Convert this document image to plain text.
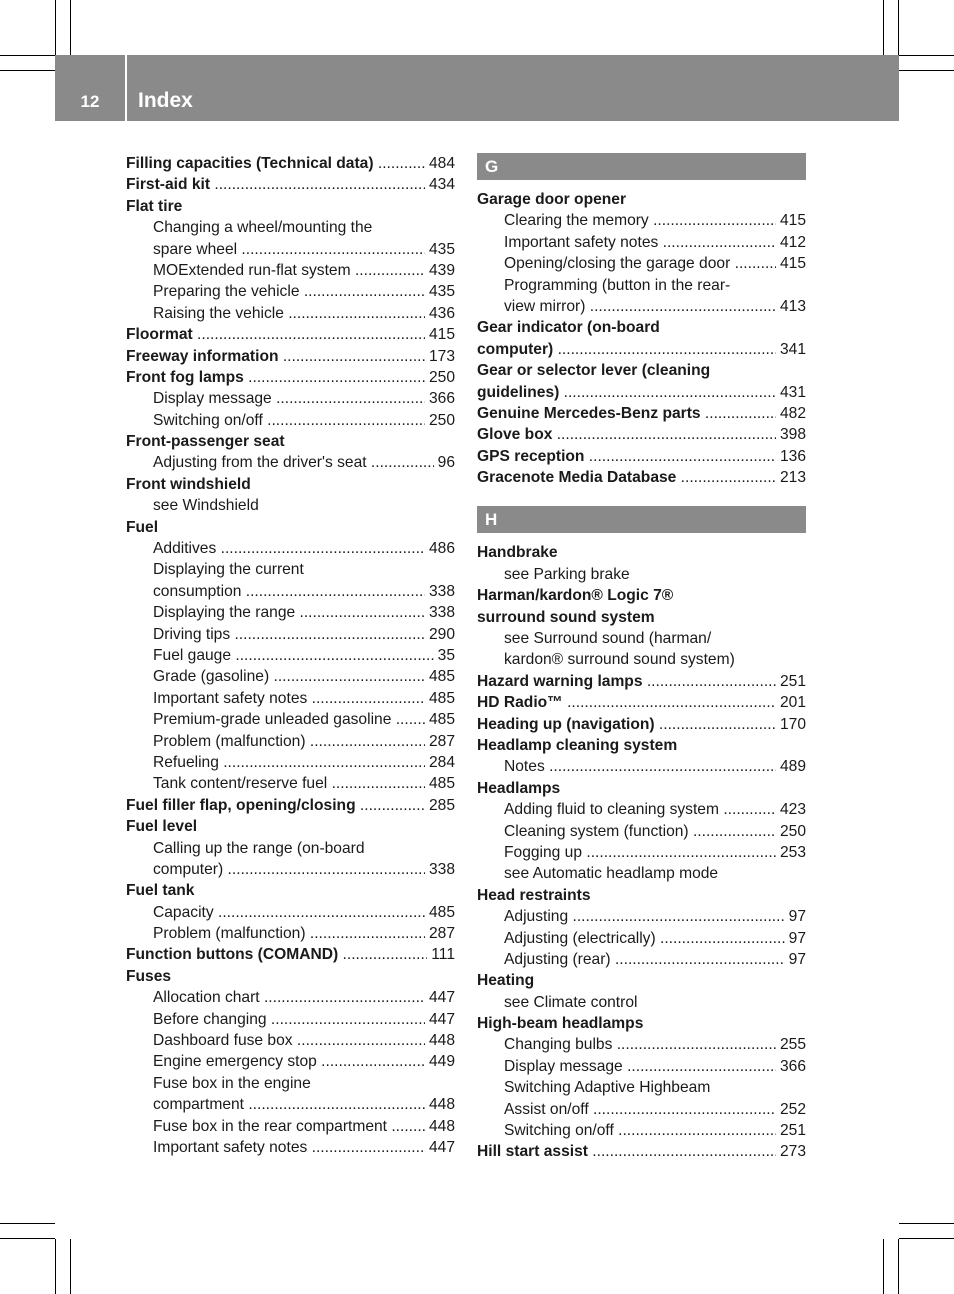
12	Index
Filling capacities (Technical data) .....	484
First-aid kit .....	434
Flat tire
Changing a wheel/mounting the
spare wheel .....	435
MOExtended run-flat system .....	439
Preparing the vehicle .....	435
Raising the vehicle .....	436
Floormat .....	415
Freeway information .....	173
Front fog lamps .....	250
Display message .....	366
Switching on/off .....	250
Front-passenger seat
Adjusting from the driver's seat .....	96
Front windshield
see Windshield
Fuel
Additives .....	486
Displaying the current
consumption .....	338
Displaying the range .....	338
Driving tips .....	290
Fuel gauge .....	35
Grade (gasoline) .....	485
Important safety notes .....	485
Premium-grade unleaded gasoline .....	485
Problem (malfunction) .....	287
Refueling .....	284
Tank content/reserve fuel .....	485
Fuel filler flap, opening/closing .....	285
Fuel level
Calling up the range (on-board
computer) .....	338
Fuel tank
Capacity .....	485
Problem (malfunction) .....	287
Function buttons (COMAND) .....	111
Fuses
Allocation chart .....	447
Before changing .....	447
Dashboard fuse box .....	448
Engine emergency stop .....	449
Fuse box in the engine
compartment .....	448
Fuse box in the rear compartment .....	448
Important safety notes .....	447
G
Garage door opener
Clearing the memory .....	415
Important safety notes .....	412
Opening/closing the garage door .....	415
Programming (button in the rear-
view mirror) .....	413
Gear indicator (on-board
computer) .....	341
Gear or selector lever (cleaning
guidelines) .....	431
Genuine Mercedes-Benz parts .....	482
Glove box .....	398
GPS reception .....	136
Gracenote Media Database .....	213
H
Handbrake
see Parking brake
Harman/kardon® Logic 7®
surround sound system
see Surround sound (harman/
kardon® surround sound system)
Hazard warning lamps .....	251
HD Radio™ .....	201
Heading up (navigation) .....	170
Headlamp cleaning system
Notes .....	489
Headlamps
Adding fluid to cleaning system .....	423
Cleaning system (function) .....	250
Fogging up .....	253
see Automatic headlamp mode
Head restraints
Adjusting .....	97
Adjusting (electrically) .....	97
Adjusting (rear) .....	97
Heating
see Climate control
High-beam headlamps
Changing bulbs .....	255
Display message .....	366
Switching Adaptive Highbeam
Assist on/off .....	252
Switching on/off .....	251
Hill start assist .....	273
